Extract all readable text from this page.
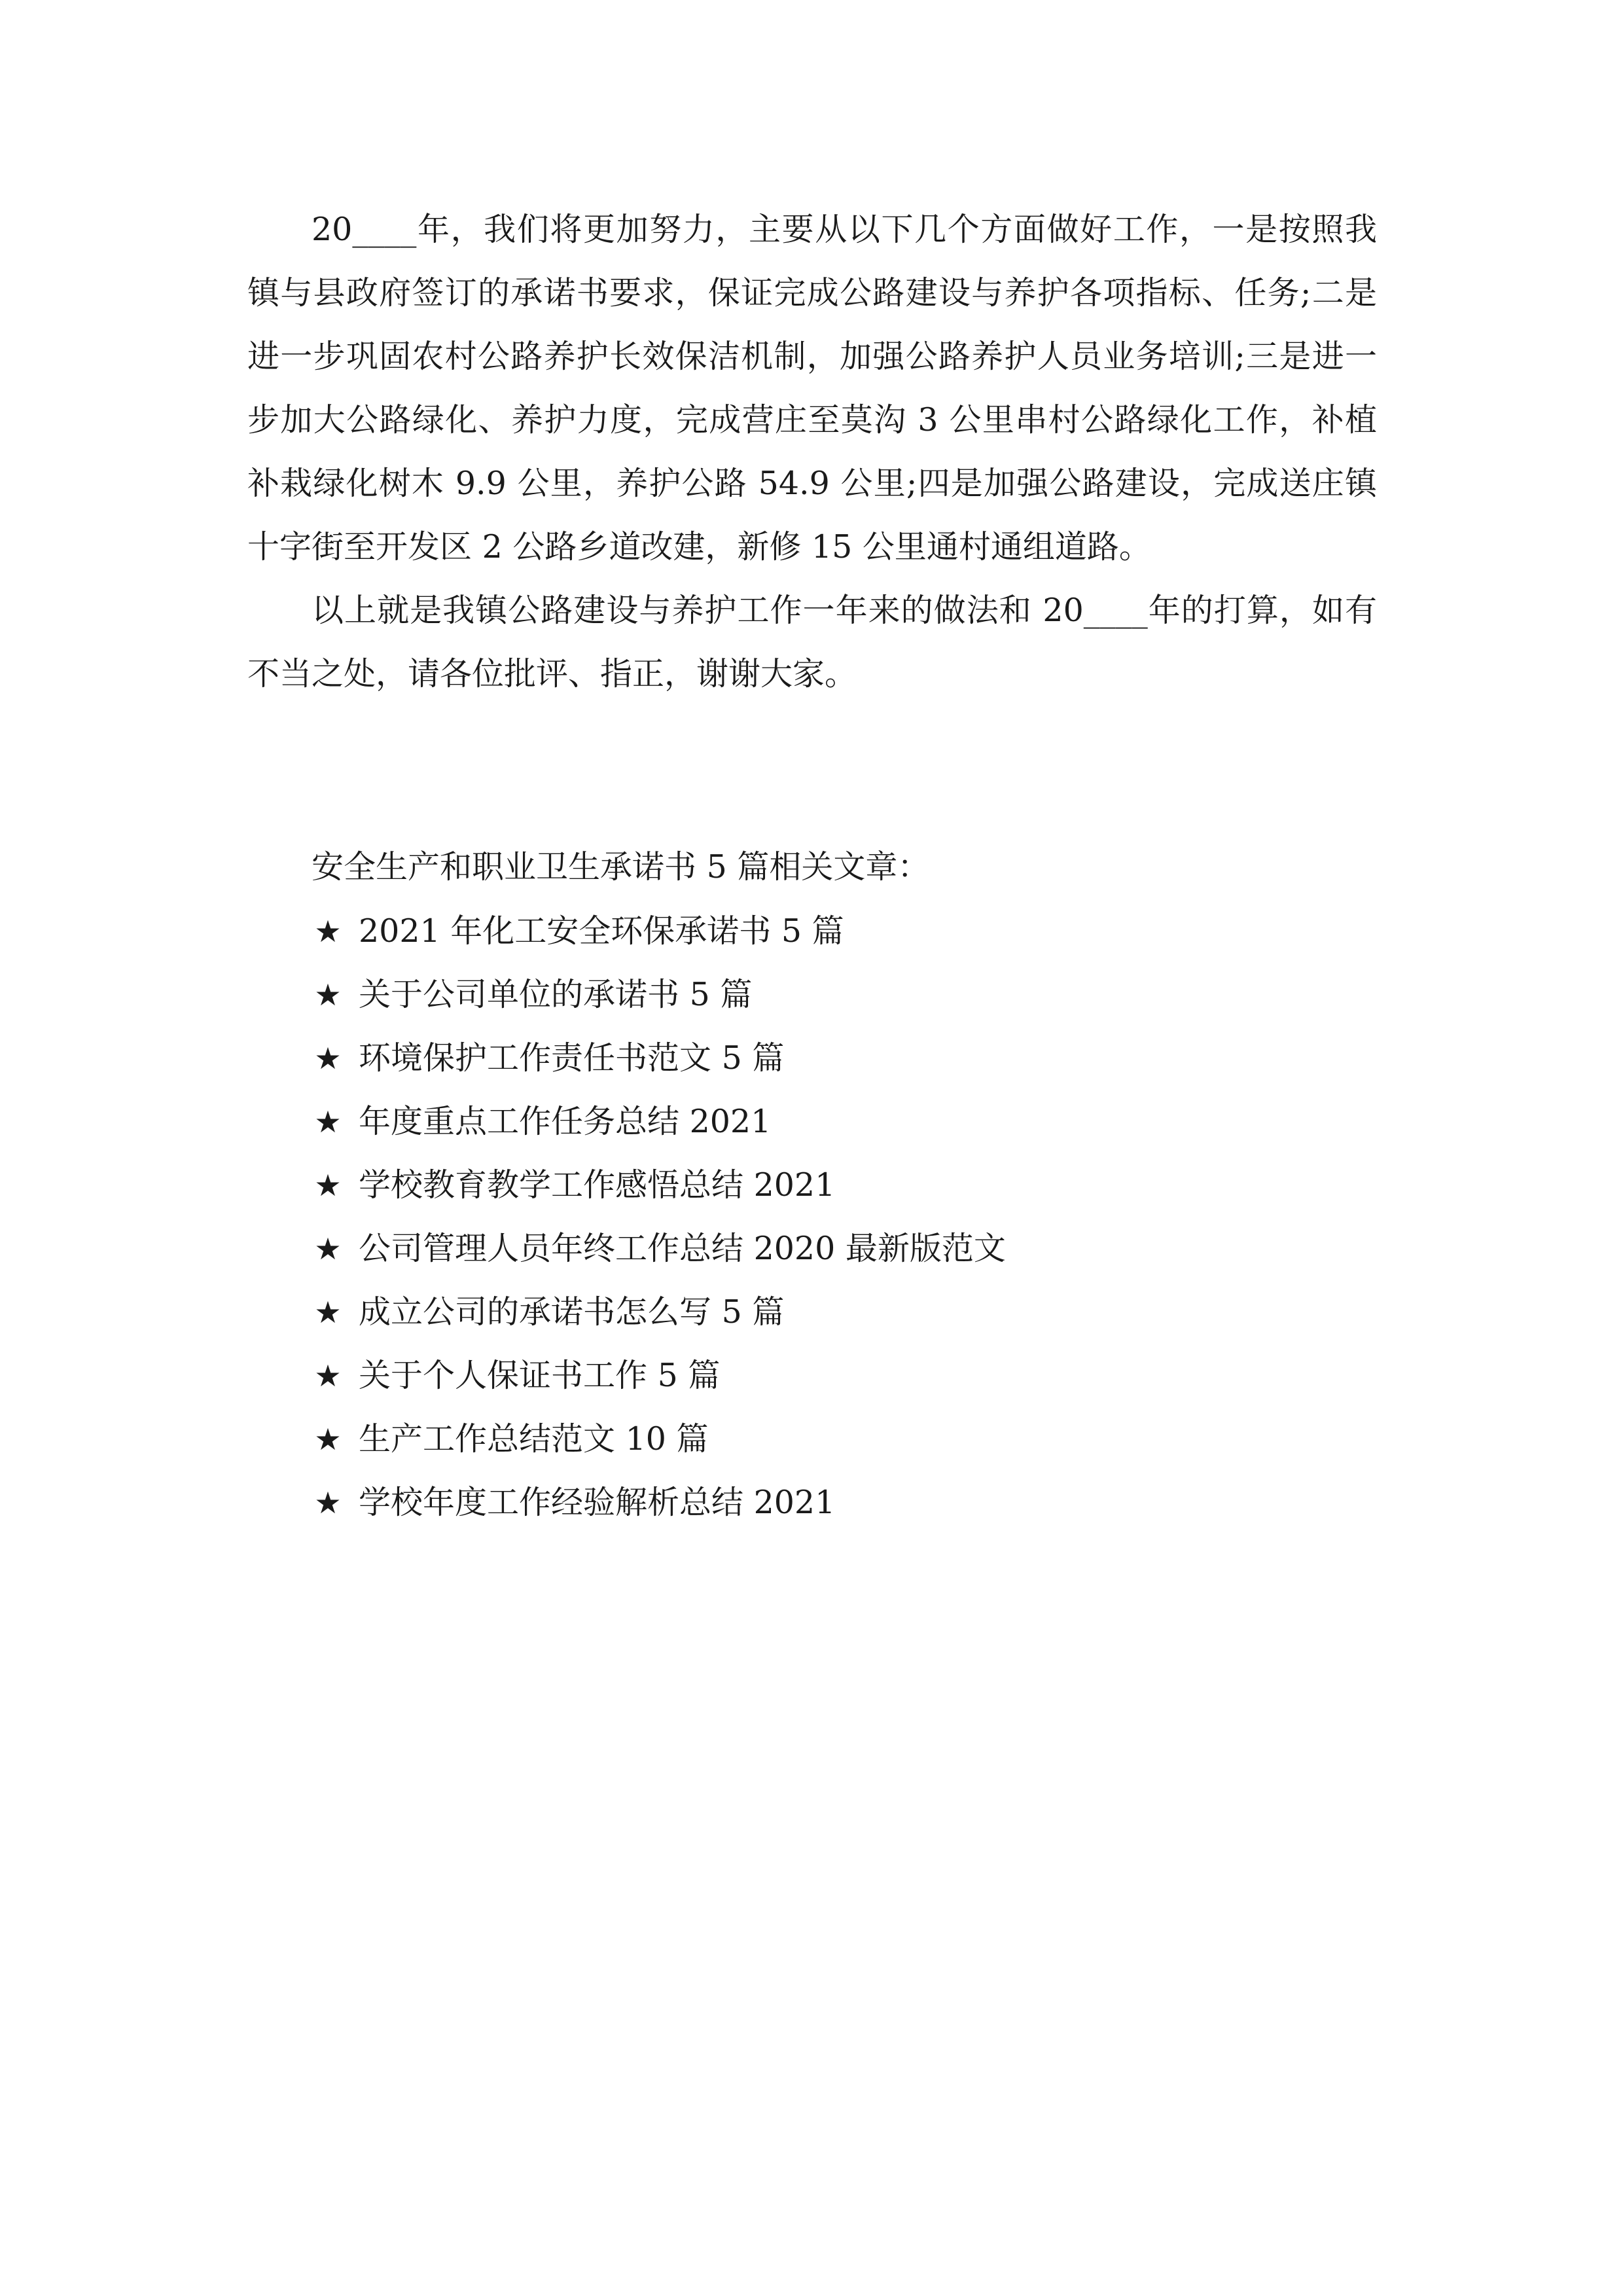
20____年，我们将更加努力，主要从以下几个方面做好工作，一是按照我镇与县政府签订的承诺书要求，保证完成公路建设与养护各项指标、任务;二是进一步巩固农村公路养护长效保洁机制，加强公路养护人员业务培训;三是进一步加大公路绿化、养护力度，完成营庄至莫沟 3 公里串村公路绿化工作，补植补栽绿化树木 9.9 公里，养护公路 54.9 公里;四是加强公路建设，完成送庄镇十字街至开发区 2 公路乡道改建，新修 15 公里通村通组道路。

以上就是我镇公路建设与养护工作一年来的做法和 20____年的打算，如有不当之处，请各位批评、指正，谢谢大家。

安全生产和职业卫生承诺书 5 篇相关文章：
★ 2021 年化工安全环保承诺书 5 篇
★ 关于公司单位的承诺书 5 篇
★ 环境保护工作责任书范文 5 篇
★ 年度重点工作任务总结 2021
★ 学校教育教学工作感悟总结 2021
★ 公司管理人员年终工作总结 2020 最新版范文
★ 成立公司的承诺书怎么写 5 篇
★ 关于个人保证书工作 5 篇
★ 生产工作总结范文 10 篇
★ 学校年度工作经验解析总结 2021
